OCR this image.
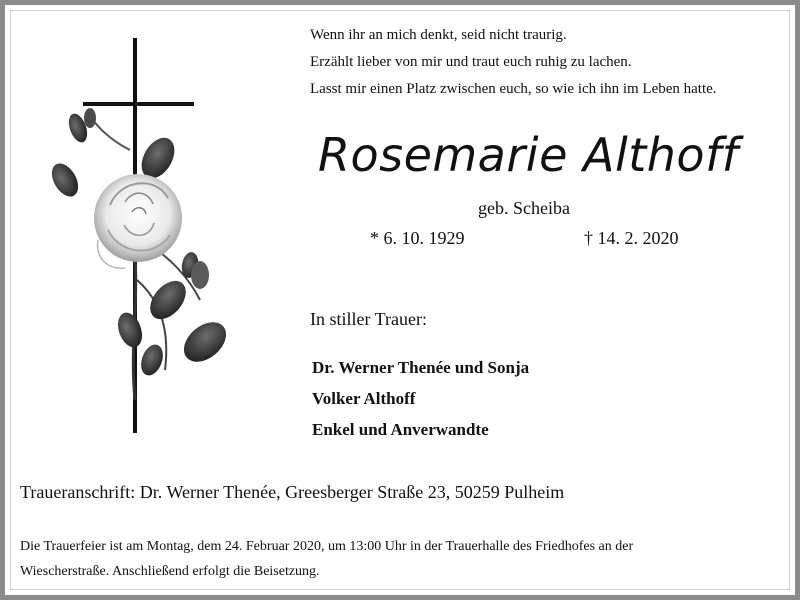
Wenn ihr an mich denkt, seid nicht traurig.

Erzählt lieber von mir und traut euch ruhig zu lachen.

Lasst mir einen Platz zwischen euch, so wie ich ihn im Leben hatte.

Rosemarie Althoff
geb. Scheiba
* 6. 10. 1929	† 14. 2. 2020
In stiller Trauer:

Dr. Werner Thenée und Sonja

Volker Althoff

Enkel und Anverwandte

Traueranschrift: Dr. Werner Thenée, Greesberger Straße 23, 50259 Pulheim

Die Trauerfeier ist am Montag, dem 24. Februar 2020, um 13:00 Uhr in der Trauerhalle des Friedhofes an der

Wiescherstraße. Anschließend erfolgt die Beisetzung.
